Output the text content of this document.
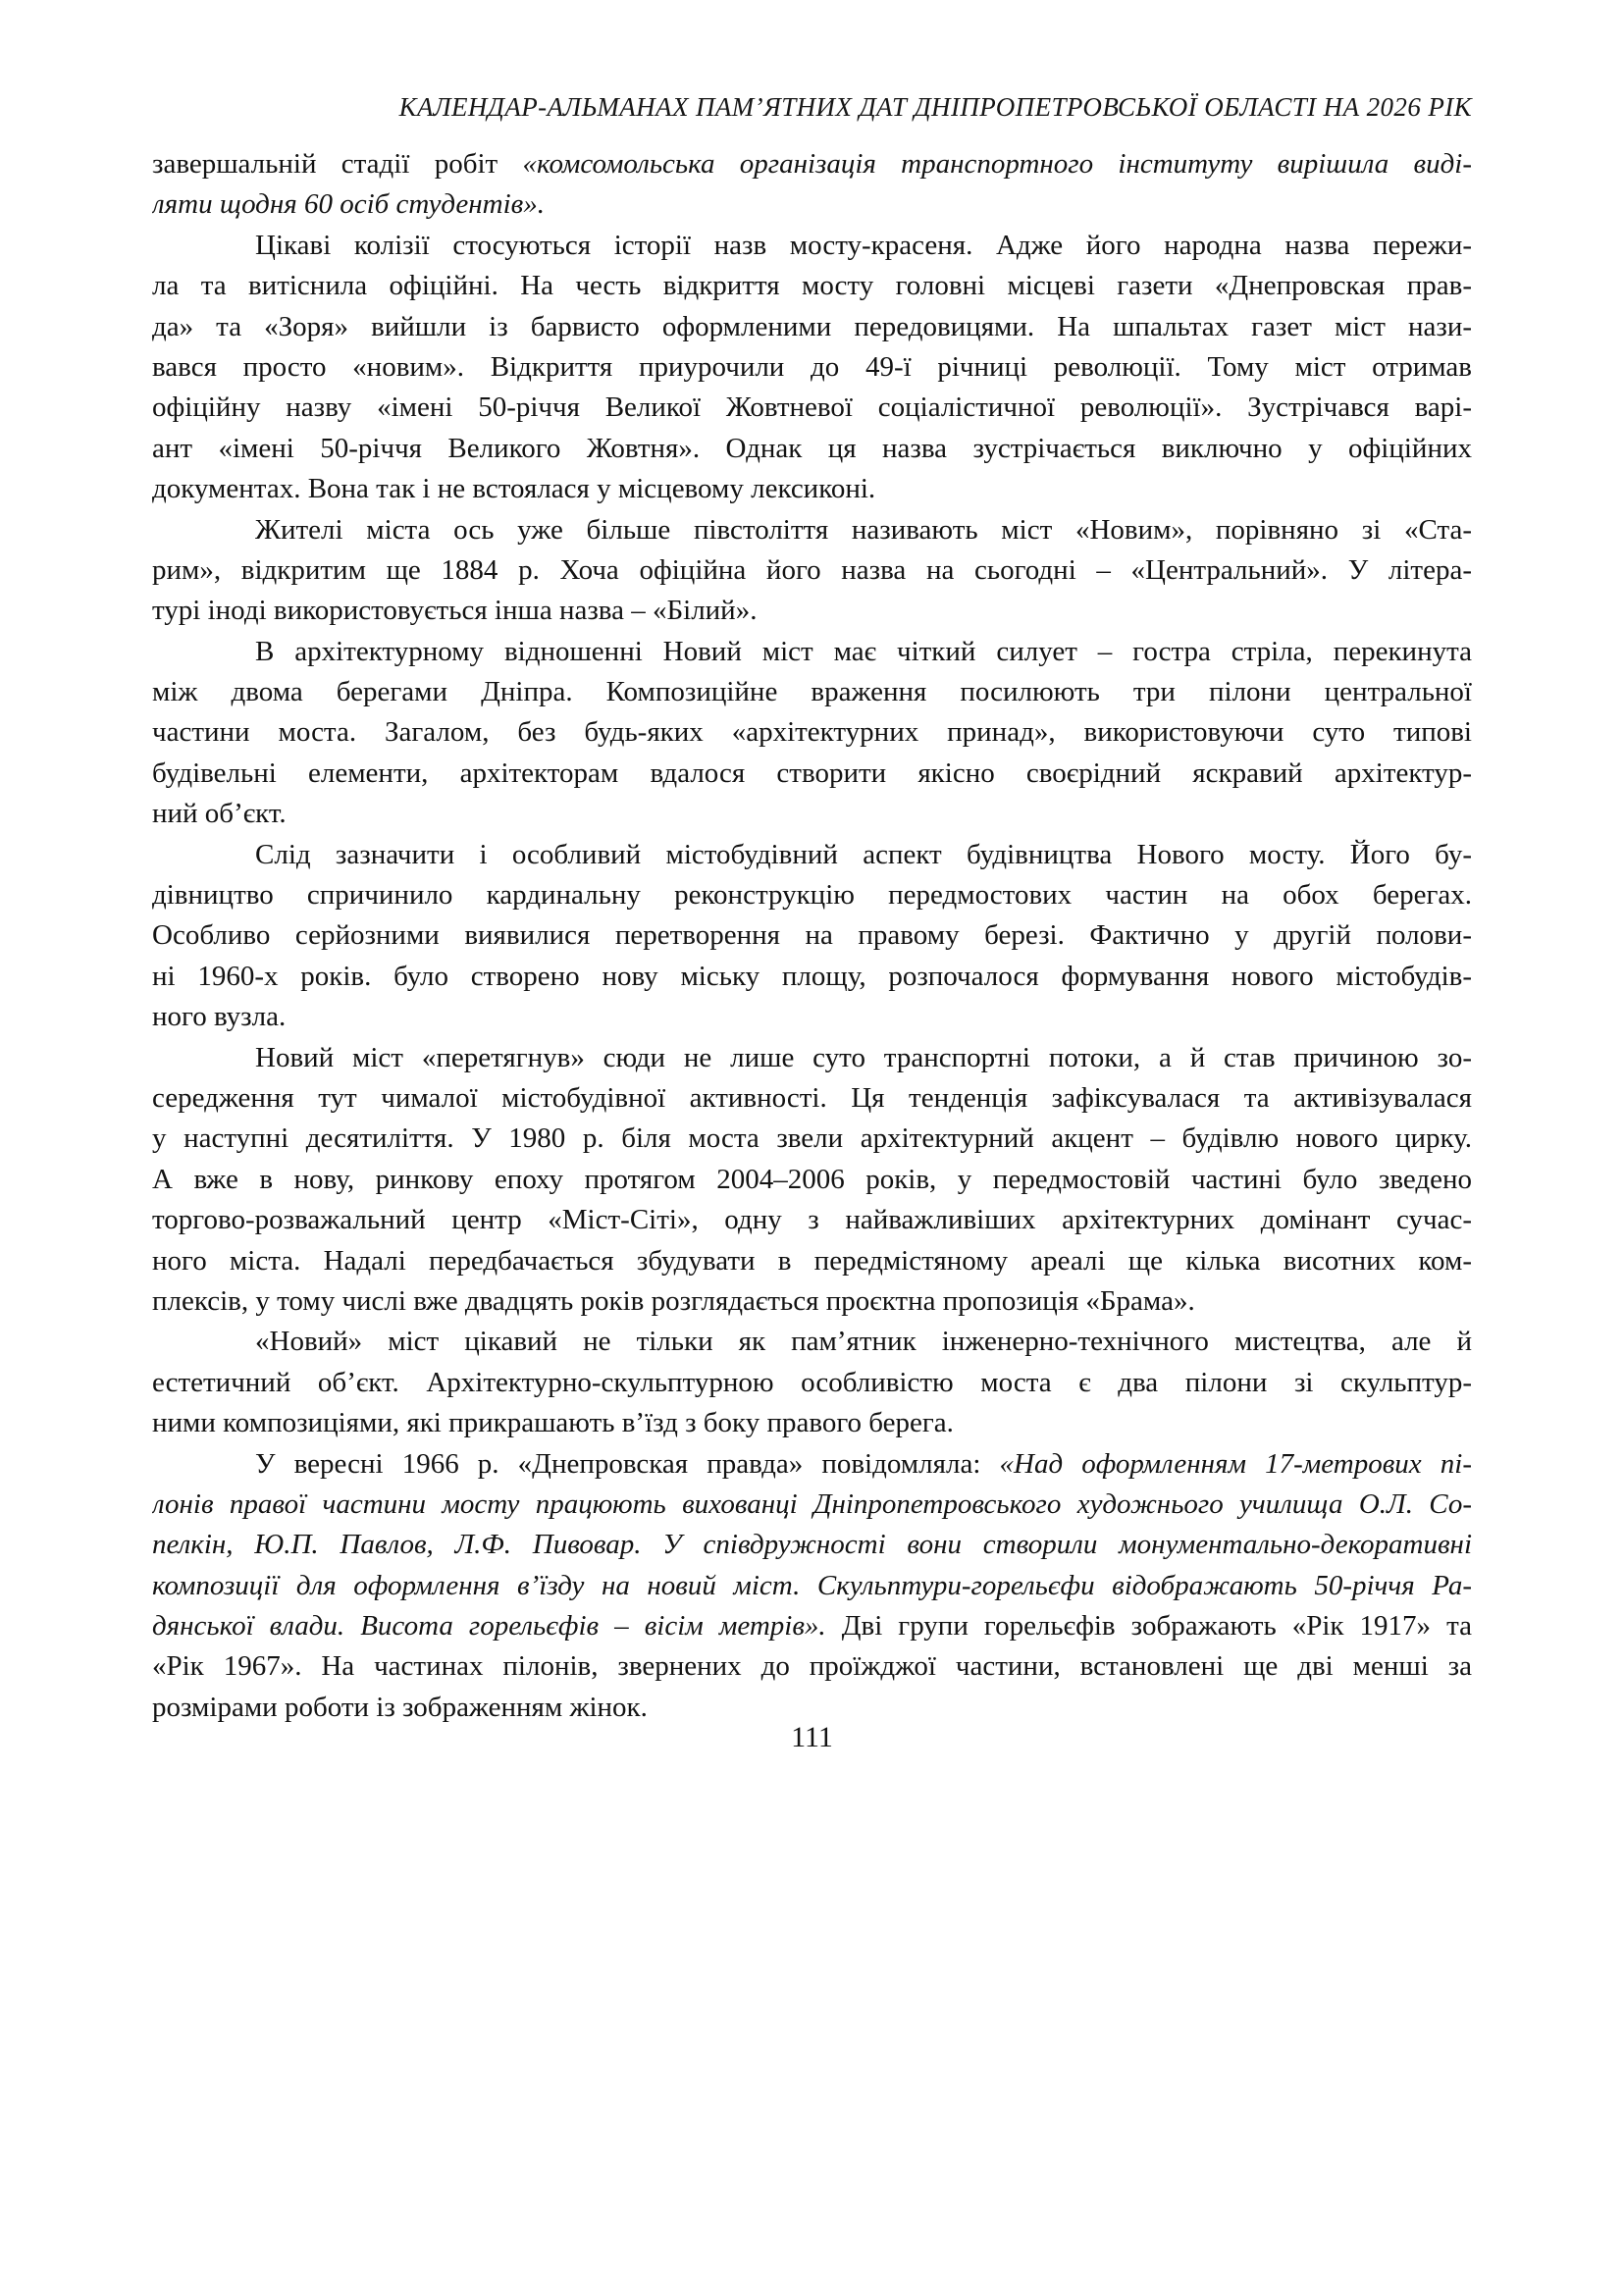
КАЛЕНДАР-АЛЬМАНАХ ПАМ’ЯТНИХ ДАТ ДНІПРОПЕТРОВСЬКОЇ ОБЛАСТІ НА 2026 РІК
завершальній стадії робіт «комсомольська організація транспортного інституту вирішила виді-
ляти щодня 60 осіб студентів».
Цікаві колізії стосуються історії назв мосту-красеня. Адже його народна назва пережи-
ла та витіснила офіційні. На честь відкриття мосту головні місцеві газети «Днепровская прав-
да» та «Зоря» вийшли із барвисто оформленими передовицями. На шпальтах газет міст нази-
вався просто «новим». Відкриття приурочили до 49-ї річниці революції. Тому міст отримав
офіційну назву «імені 50-річчя Великої Жовтневої соціалістичної революції». Зустрічався варі-
ант «імені 50-річчя Великого Жовтня». Однак ця назва зустрічається виключно у офіційних
документах. Вона так і не встоялася у місцевому лексиконі.
Жителі міста ось уже більше півстоліття називають міст «Новим», порівняно зі «Ста-
рим», відкритим ще 1884 р. Хоча офіційна його назва на сьогодні – «Центральний». У літера-
турі іноді використовується інша назва – «Білий».
В архітектурному відношенні Новий міст має чіткий силует – гостра стріла, перекинута
між двома берегами Дніпра. Композиційне враження посилюють три пілони центральної
частини моста. Загалом, без будь-яких «архітектурних принад», використовуючи суто типові
будівельні елементи, архітекторам вдалося створити якісно своєрідний яскравий архітектур-
ний об’єкт.
Слід зазначити і особливий містобудівний аспект будівництва Нового мосту. Його бу-
дівництво спричинило кардинальну реконструкцію передмостових частин на обох берегах.
Особливо серйозними виявилися перетворення на правому березі. Фактично у другій полови-
ні 1960-х років. було створено нову міську площу, розпочалося формування нового містобудів-
ного вузла.
Новий міст «перетягнув» сюди не лише суто транспортні потоки, а й став причиною зо-
середження тут чималої містобудівної активності. Ця тенденція зафіксувалася та активізувалася
у наступні десятиліття. У 1980 р. біля моста звели архітектурний акцент – будівлю нового цирку.
А вже в нову, ринкову епоху протягом 2004–2006 років, у передмостовій частині було зведено
торгово-розважальний центр «Міст-Сіті», одну з найважливіших архітектурних домінант сучас-
ного міста. Надалі передбачається збудувати в передмістяному ареалі ще кілька висотних ком-
плексів, у тому числі вже двадцять років розглядається проєктна пропозиція «Брама».
«Новий» міст цікавий не тільки як пам’ятник інженерно-технічного мистецтва, але й
естетичний об’єкт. Архітектурно-скульптурною особливістю моста є два пілони зі скульптур-
ними композиціями, які прикрашають в’їзд з боку правого берега.
У вересні 1966 р. «Днепровская правда» повідомляла: «Над оформленням 17-метрових пі-
лонів правої частини мосту працюють вихованці Дніпропетровського художнього училища О.Л. Со-
пелкін, Ю.П. Павлов, Л.Ф. Пивовар. У співдружності вони створили монументально-декоративні
композиції для оформлення в’їзду на новий міст. Скульптури-горельєфи відображають 50-річчя Ра-
дянської влади. Висота горельєфів – вісім метрів». Дві групи горельєфів зображають «Рік 1917» та
«Рік 1967». На частинах пілонів, звернених до проїжджої частини, встановлені ще дві менші за
розмірами роботи із зображенням жінок.
111
